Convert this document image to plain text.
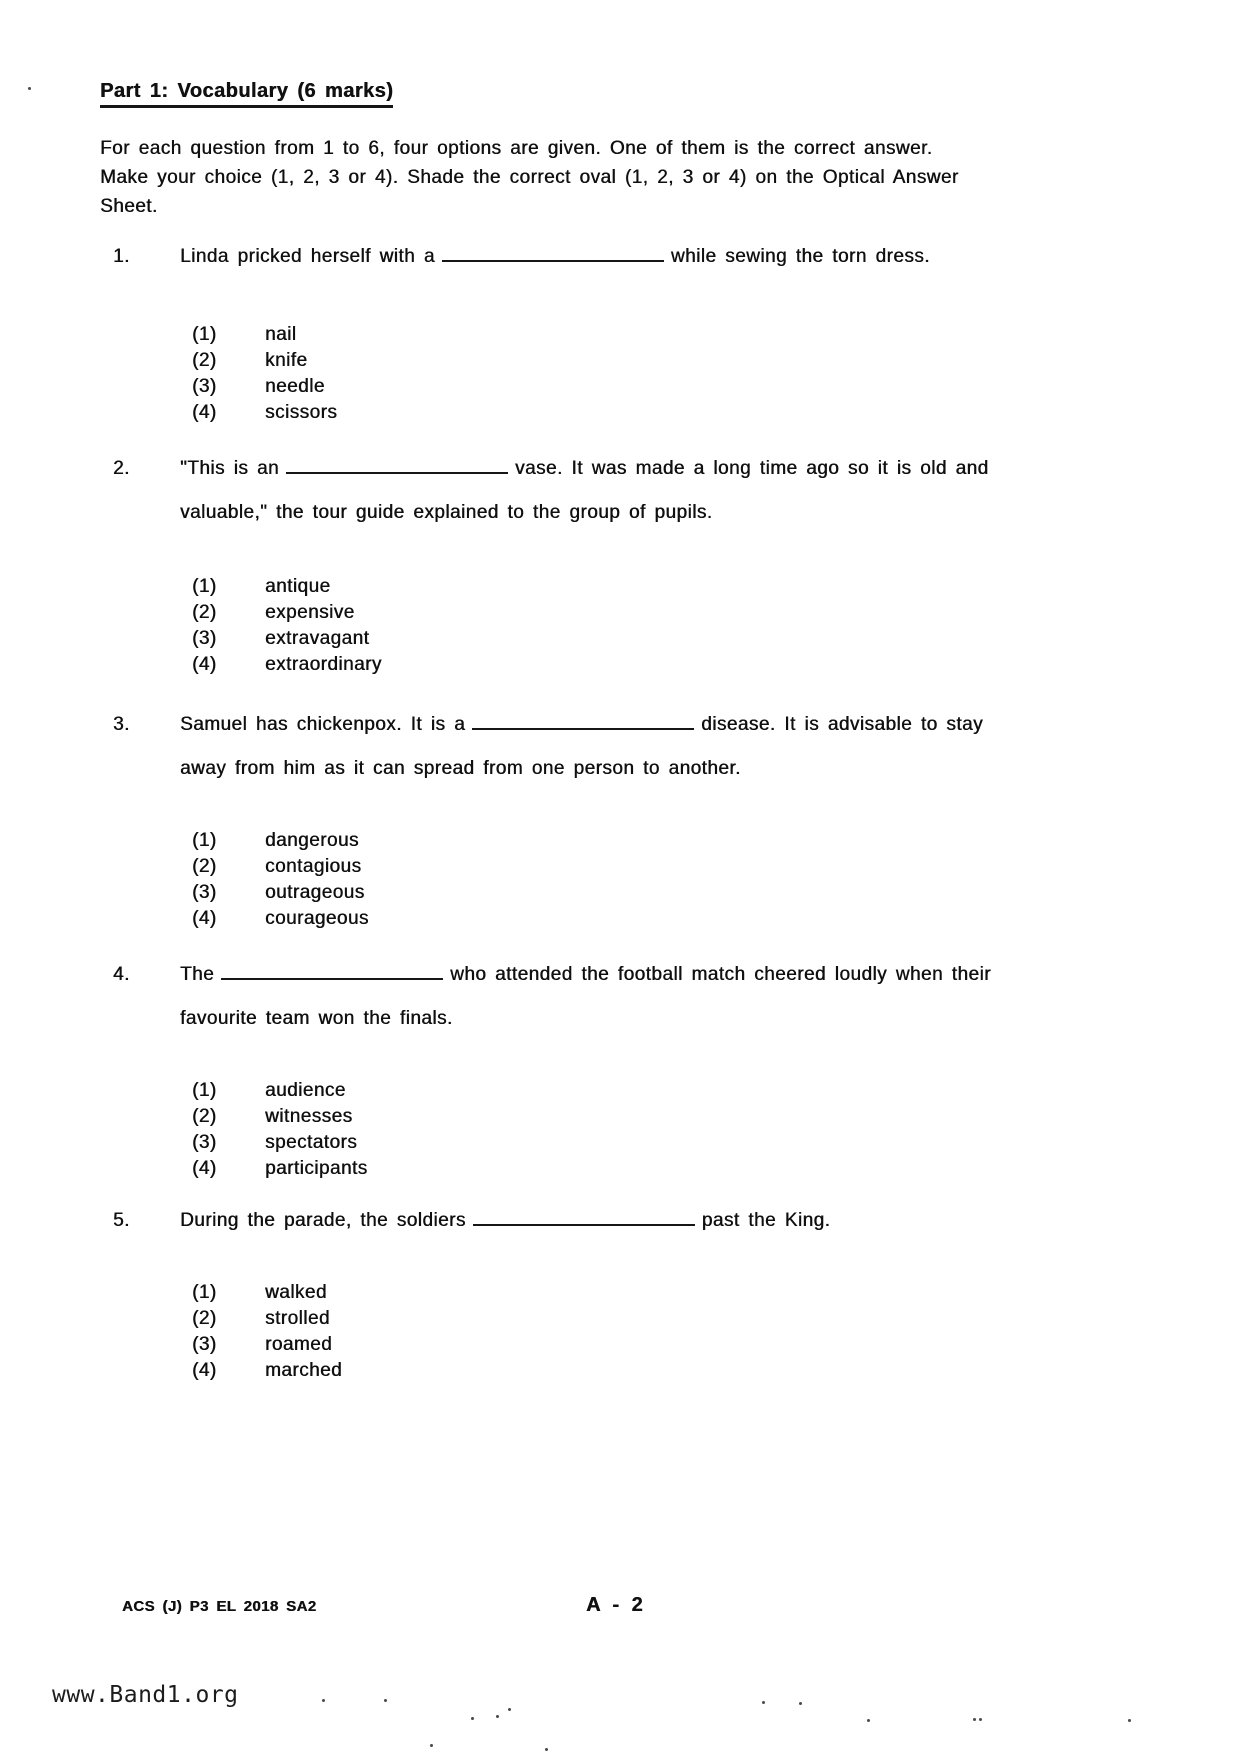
Part 1: Vocabulary (6 marks)
For each question from 1 to 6, four options are given. One of them is the correct answer.
Make your choice (1, 2, 3 or 4). Shade the correct oval (1, 2, 3 or 4) on the Optical Answer
Sheet.
1.	Linda pricked herself with a	while sewing the torn dress.
(1)	nail
(2)	knife
(3)	needle
(4)	scissors
2.	"This is an	vase. It was made a long time ago so it is old and
valuable," the tour guide explained to the group of pupils.
(1)	antique
(2)	expensive
(3)	extravagant
(4)	extraordinary
3.	Samuel has chickenpox. It is a	disease. It is advisable to stay
away from him as it can spread from one person to another.
(1)	dangerous
(2)	contagious
(3)	outrageous
(4)	courageous
4.	The	who attended the football match cheered loudly when their
favourite team won the finals.
(1)	audience
(2)	witnesses
(3)	spectators
(4)	participants
5.	During the parade, the soldiers	past the King.
(1)	walked
(2)	strolled
(3)	roamed
(4)	marched
ACS (J) P3 EL 2018 SA2	A - 2
www.Band1.org
